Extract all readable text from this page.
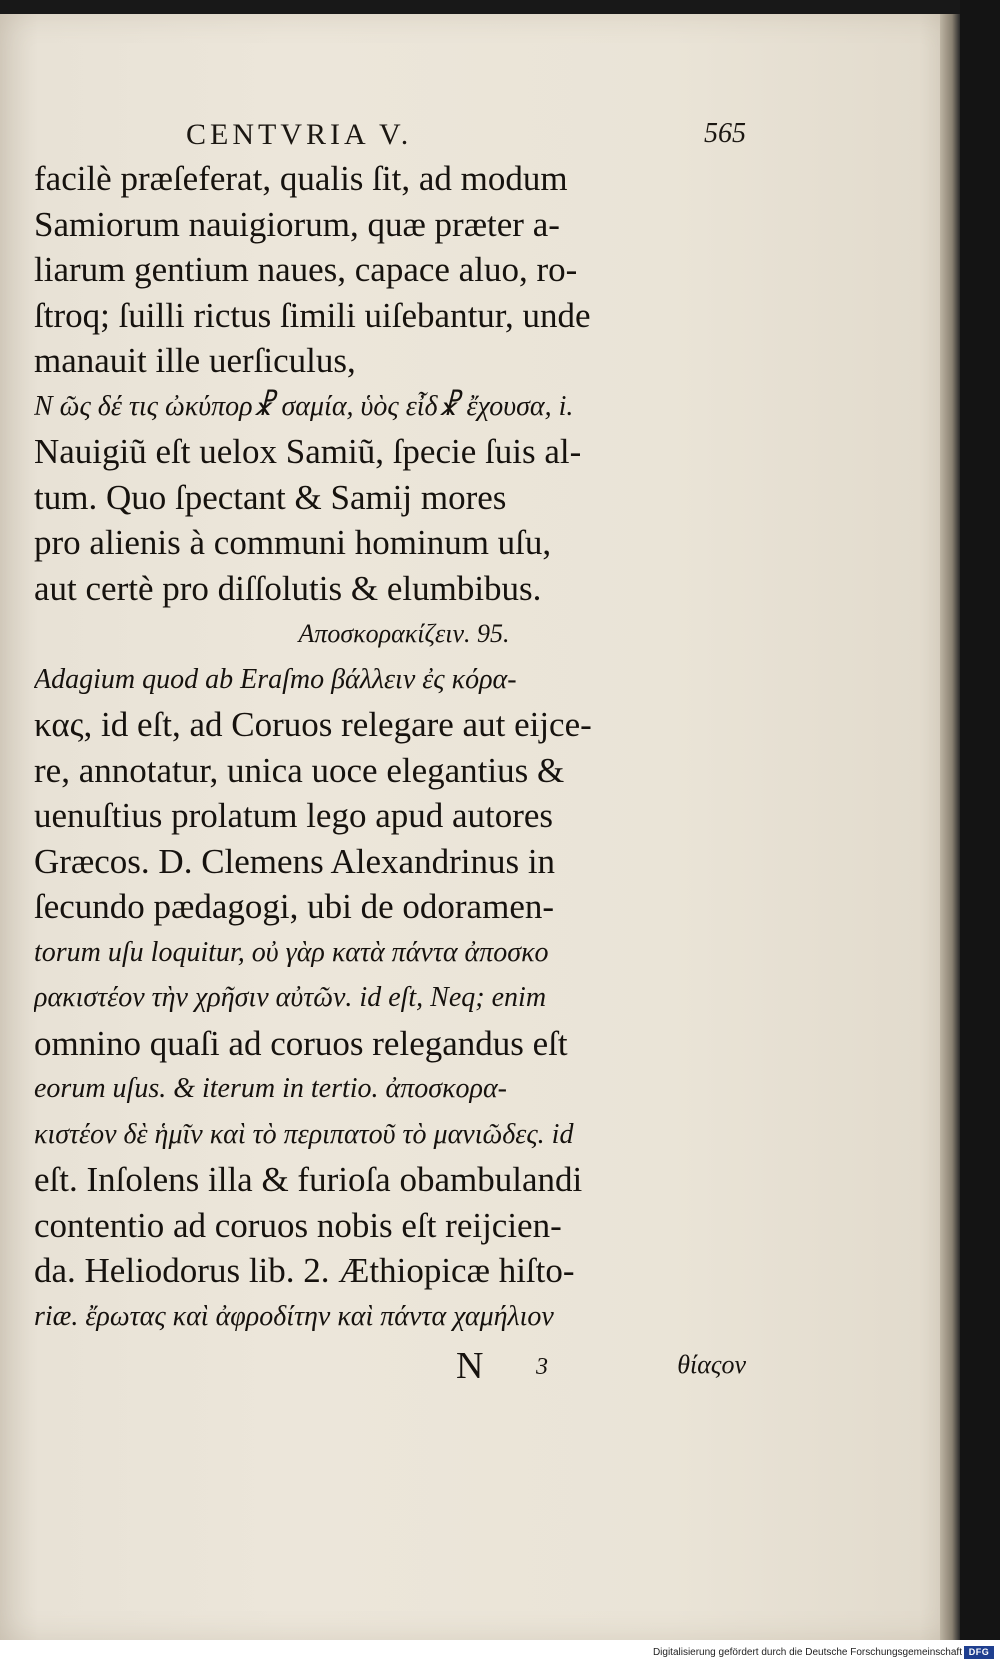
CENTVRIA V.	565
facilè præſeferat, qualis ſit, ad modum
Samiorum nauigiorum, quæ præter a-
liarum gentium naues, capace aluo, ro-
ſtroq; ſuilli rictus ſimili uiſebantur, unde
manauit ille uerſiculus,
Ν ῶς δέ τις ὠκύπορ☧ σαμία, ὑὸς εἶδ☧ ἔχουσα, i.
Nauigiũ eſt uelox Samiũ, ſpecie ſuis al-
tum. Quo ſpectant & Samij mores
pro alienis à communi hominum uſu,
aut certè pro diſſolutis & elumbibus.
Αποσκορακίζειν. 95.
Adagium quod ab Eraſmo βάλλειν ἐς κόρα-
κας, id eſt, ad Coruos relegare aut eijce-
re, annotatur, unica uoce elegantius &
uenuſtius prolatum lego apud autores
Græcos. D. Clemens Alexandrinus in
ſecundo pædagogi, ubi de odoramen-
torum uſu loquitur, οὐ γὰρ κατὰ πάντα ἀποσκο
ρακιστέον τὴν χρῆσιν αὐτῶν. id eſt, Neq; enim
omnino quaſi ad coruos relegandus eſt
eorum uſus. & iterum in tertio. ἀποσκορα-
κιστέον δὲ ἡμῖν καὶ τὸ περιπατοῦ τὸ μανιῶδες. id
eſt. Inſolens illa & furioſa obambulandi
contentio ad coruos nobis eſt reijcien-
da. Heliodorus lib. 2. Æthiopicæ hiſto-
riæ. ἔρωτας καὶ ἀφροδίτην καὶ πάντα χαμήλιον
N 3	θίαςον
Digitalisierung gefördert durch die Deutsche Forschungsgemeinschaft DFG
